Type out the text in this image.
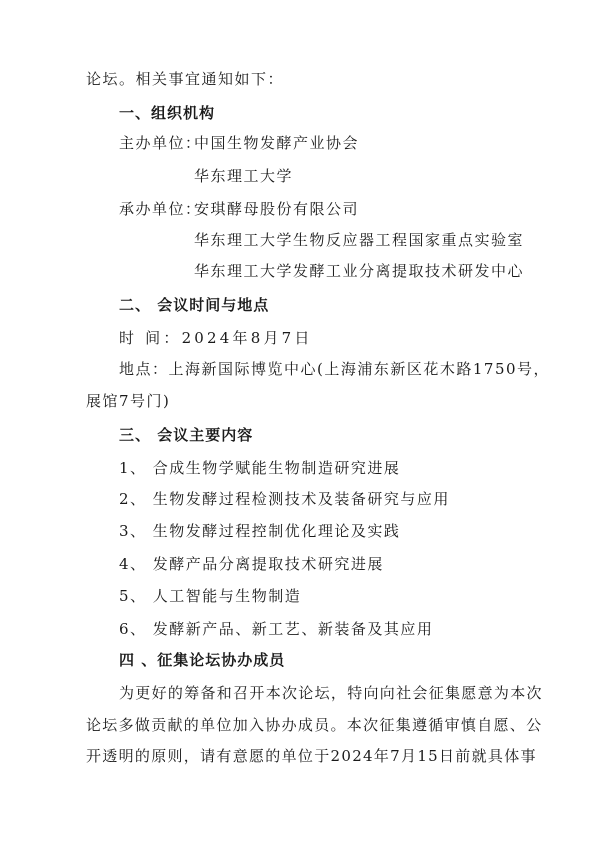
论坛。相关事宜通知如下：
一、组织机构
主办单位：
中国生物发酵产业协会
华东理工大学
承办单位：
安琪酵母股份有限公司
华东理工大学生物反应器工程国家重点实验室
华东理工大学发酵工业分离提取技术研发中心
二、 会议时间与地点
时 间：2024年8月7日
地点：上海新国际博览中心(上海浦东新区花木路1750号，
展馆7号门)
三、 会议主要内容
1、 合成生物学赋能生物制造研究进展
2、 生物发酵过程检测技术及装备研究与应用
3、 生物发酵过程控制优化理论及实践
4、 发酵产品分离提取技术研究进展
5、 人工智能与生物制造
6、 发酵新产品、新工艺、新装备及其应用
四 、征集论坛协办成员
为更好的筹备和召开本次论坛，特向向社会征集愿意为本次
论坛多做贡献的单位加入协办成员。本次征集遵循审慎自愿、公
开透明的原则，请有意愿的单位于2024年7月15日前就具体事
